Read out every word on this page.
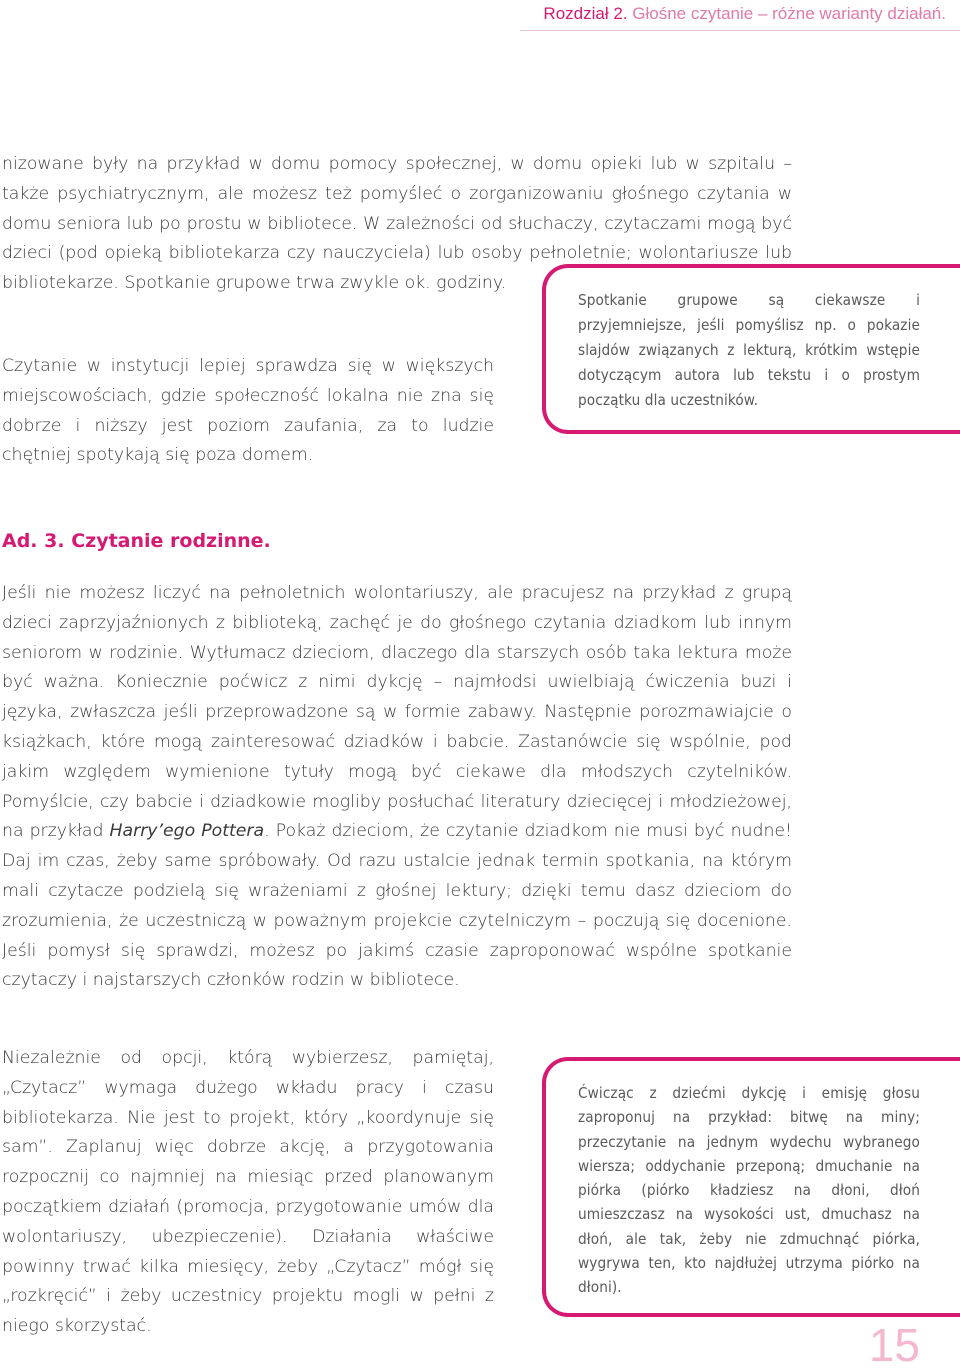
Rozdział 2. Głośne czytanie – różne warianty działań.

nizowane były na przykład w domu pomocy społecznej, w domu opieki lub w szpitalu – także psychiatrycznym, ale możesz też pomyśleć o zorganizowaniu głośnego czytania w domu seniora lub po prostu w bibliotece. W zależności od słuchaczy, czytaczami mogą być dzieci (pod opieką bibliotekarza czy nauczyciela) lub osoby pełnoletnie; wolontariusze lub bibliotekarze. Spotkanie grupowe trwa zwykle ok. godziny.

Czytanie w instytucji lepiej sprawdza się w większych miejscowościach, gdzie społeczność lokalna nie zna się dobrze i niższy jest poziom zaufania, za to ludzie chętniej spotykają się poza domem.

Spotkanie grupowe są ciekawsze i przyjemniejsze, jeśli pomyślisz np. o pokazie slajdów związanych z lekturą, krótkim wstępie dotyczącym autora lub tekstu i o prostym początku dla uczestników.

Ad. 3. Czytanie rodzinne.

Jeśli nie możesz liczyć na pełnoletnich wolontariuszy, ale pracujesz na przykład z grupą dzieci zaprzyjaźnionych z biblioteką, zachęć je do głośnego czytania dziadkom lub innym seniorom w rodzinie. Wytłumacz dzieciom, dlaczego dla starszych osób taka lektura może być ważna. Koniecznie poćwicz z nimi dykcję – najmłodsi uwielbiają ćwiczenia buzi i języka, zwłaszcza jeśli przeprowadzone są w formie zabawy. Następnie porozmawiajcie o książkach, które mogą zainteresować dziadków i babcie. Zastanówcie się wspólnie, pod jakim względem wymienione tytuły mogą być ciekawe dla młodszych czytelników. Pomyślcie, czy babcie i dziadkowie mogliby posłuchać literatury dziecięcej i młodzieżowej, na przykład Harry’ego Pottera. Pokaż dzieciom, że czytanie dziadkom nie musi być nudne! Daj im czas, żeby same spróbowały. Od razu ustalcie jednak termin spotkania, na którym mali czytacze podzielą się wrażeniami z głośnej lektury; dzięki temu dasz dzieciom do zrozumienia, że uczestniczą w poważnym projekcie czytelniczym – poczują się docenione. Jeśli pomysł się sprawdzi, możesz po jakimś czasie zaproponować wspólne spotkanie czytaczy i najstarszych członków rodzin w bibliotece.

Niezależnie od opcji, którą wybierzesz, pamiętaj, „Czytacz” wymaga dużego wkładu pracy i czasu bibliotekarza. Nie jest to projekt, który „koordynuje się sam”. Zaplanuj więc dobrze akcję, a przygotowania rozpocznij co najmniej na miesiąc przed planowanym początkiem działań (promocja, przygotowanie umów dla wolontariuszy, ubezpieczenie). Działania właściwe powinny trwać kilka miesięcy, żeby „Czytacz” mógł się „rozkręcić” i żeby uczestnicy projektu mogli w pełni z niego skorzystać.

Ćwicząc z dziećmi dykcję i emisję głosu zaproponuj na przykład: bitwę na miny; przeczytanie na jednym wydechu wybranego wiersza; oddychanie przeponą; dmuchanie na piórka (piórko kładziesz na dłoni, dłoń umieszczasz na wysokości ust, dmuchasz na dłoń, ale tak, żeby nie zdmuchnąć piórka, wygrywa ten, kto najdłużej utrzyma piórko na dłoni).

15
